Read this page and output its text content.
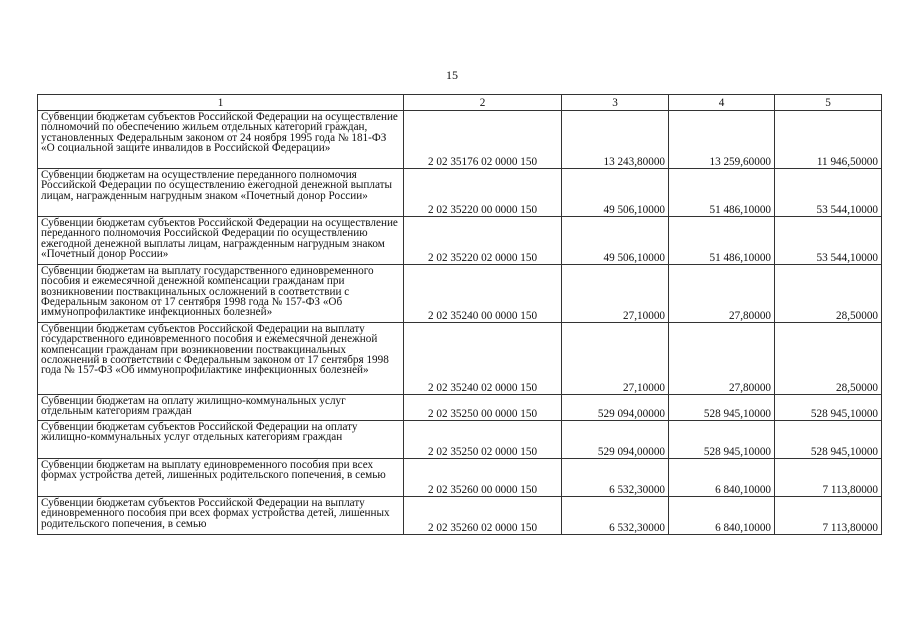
15
1	2	3	4	5
Субвенции бюджетам субъектов Российской Федерации на осуществление полномочий по обеспечению жильем отдельных категорий граждан, установленных Федеральным законом от 24 ноября 1995 года № 181-ФЗ «О социальной защите инвалидов в Российской Федерации»	2 02 35176 02 0000 150	13 243,80000	13 259,60000	11 946,50000
Субвенции бюджетам на осуществление переданного полномочия Российской Федерации по осуществлению ежегодной денежной выплаты лицам, награжденным нагрудным знаком «Почетный донор России»	2 02 35220 00 0000 150	49 506,10000	51 486,10000	53 544,10000
Субвенции бюджетам субъектов Российской Федерации на осуществление переданного полномочия Российской Федерации по осуществлению ежегодной денежной выплаты лицам, награжденным нагрудным знаком «Почетный донор России»	2 02 35220 02 0000 150	49 506,10000	51 486,10000	53 544,10000
Субвенции бюджетам на выплату государственного единовременного пособия и ежемесячной денежной компенсации гражданам при возникновении поствакцинальных осложнений в соответствии с Федеральным законом от 17 сентября 1998 года № 157-ФЗ «Об иммунопрофилактике инфекционных болезней»	2 02 35240 00 0000 150	27,10000	27,80000	28,50000
Субвенции бюджетам субъектов Российской Федерации на выплату государственного единовременного пособия и ежемесячной денежной компенсации гражданам при возникновении поствакцинальных осложнений в соответствии с Федеральным законом от 17 сентября 1998 года № 157-ФЗ «Об иммунопрофилактике инфекционных болезней»	2 02 35240 02 0000 150	27,10000	27,80000	28,50000
Субвенции бюджетам на оплату жилищно-коммунальных услуг отдельным категориям граждан	2 02 35250 00 0000 150	529 094,00000	528 945,10000	528 945,10000
Субвенции бюджетам субъектов Российской Федерации на оплату жилищно-коммунальных услуг отдельных категориям граждан	2 02 35250 02 0000 150	529 094,00000	528 945,10000	528 945,10000
Субвенции бюджетам на выплату единовременного пособия при всех формах устройства детей, лишенных родительского попечения, в семью	2 02 35260 00 0000 150	6 532,30000	6 840,10000	7 113,80000
Субвенции бюджетам субъектов Российской Федерации на выплату единовременного пособия при всех формах устройства детей, лишенных родительского попечения, в семью	2 02 35260 02 0000 150	6 532,30000	6 840,10000	7 113,80000
